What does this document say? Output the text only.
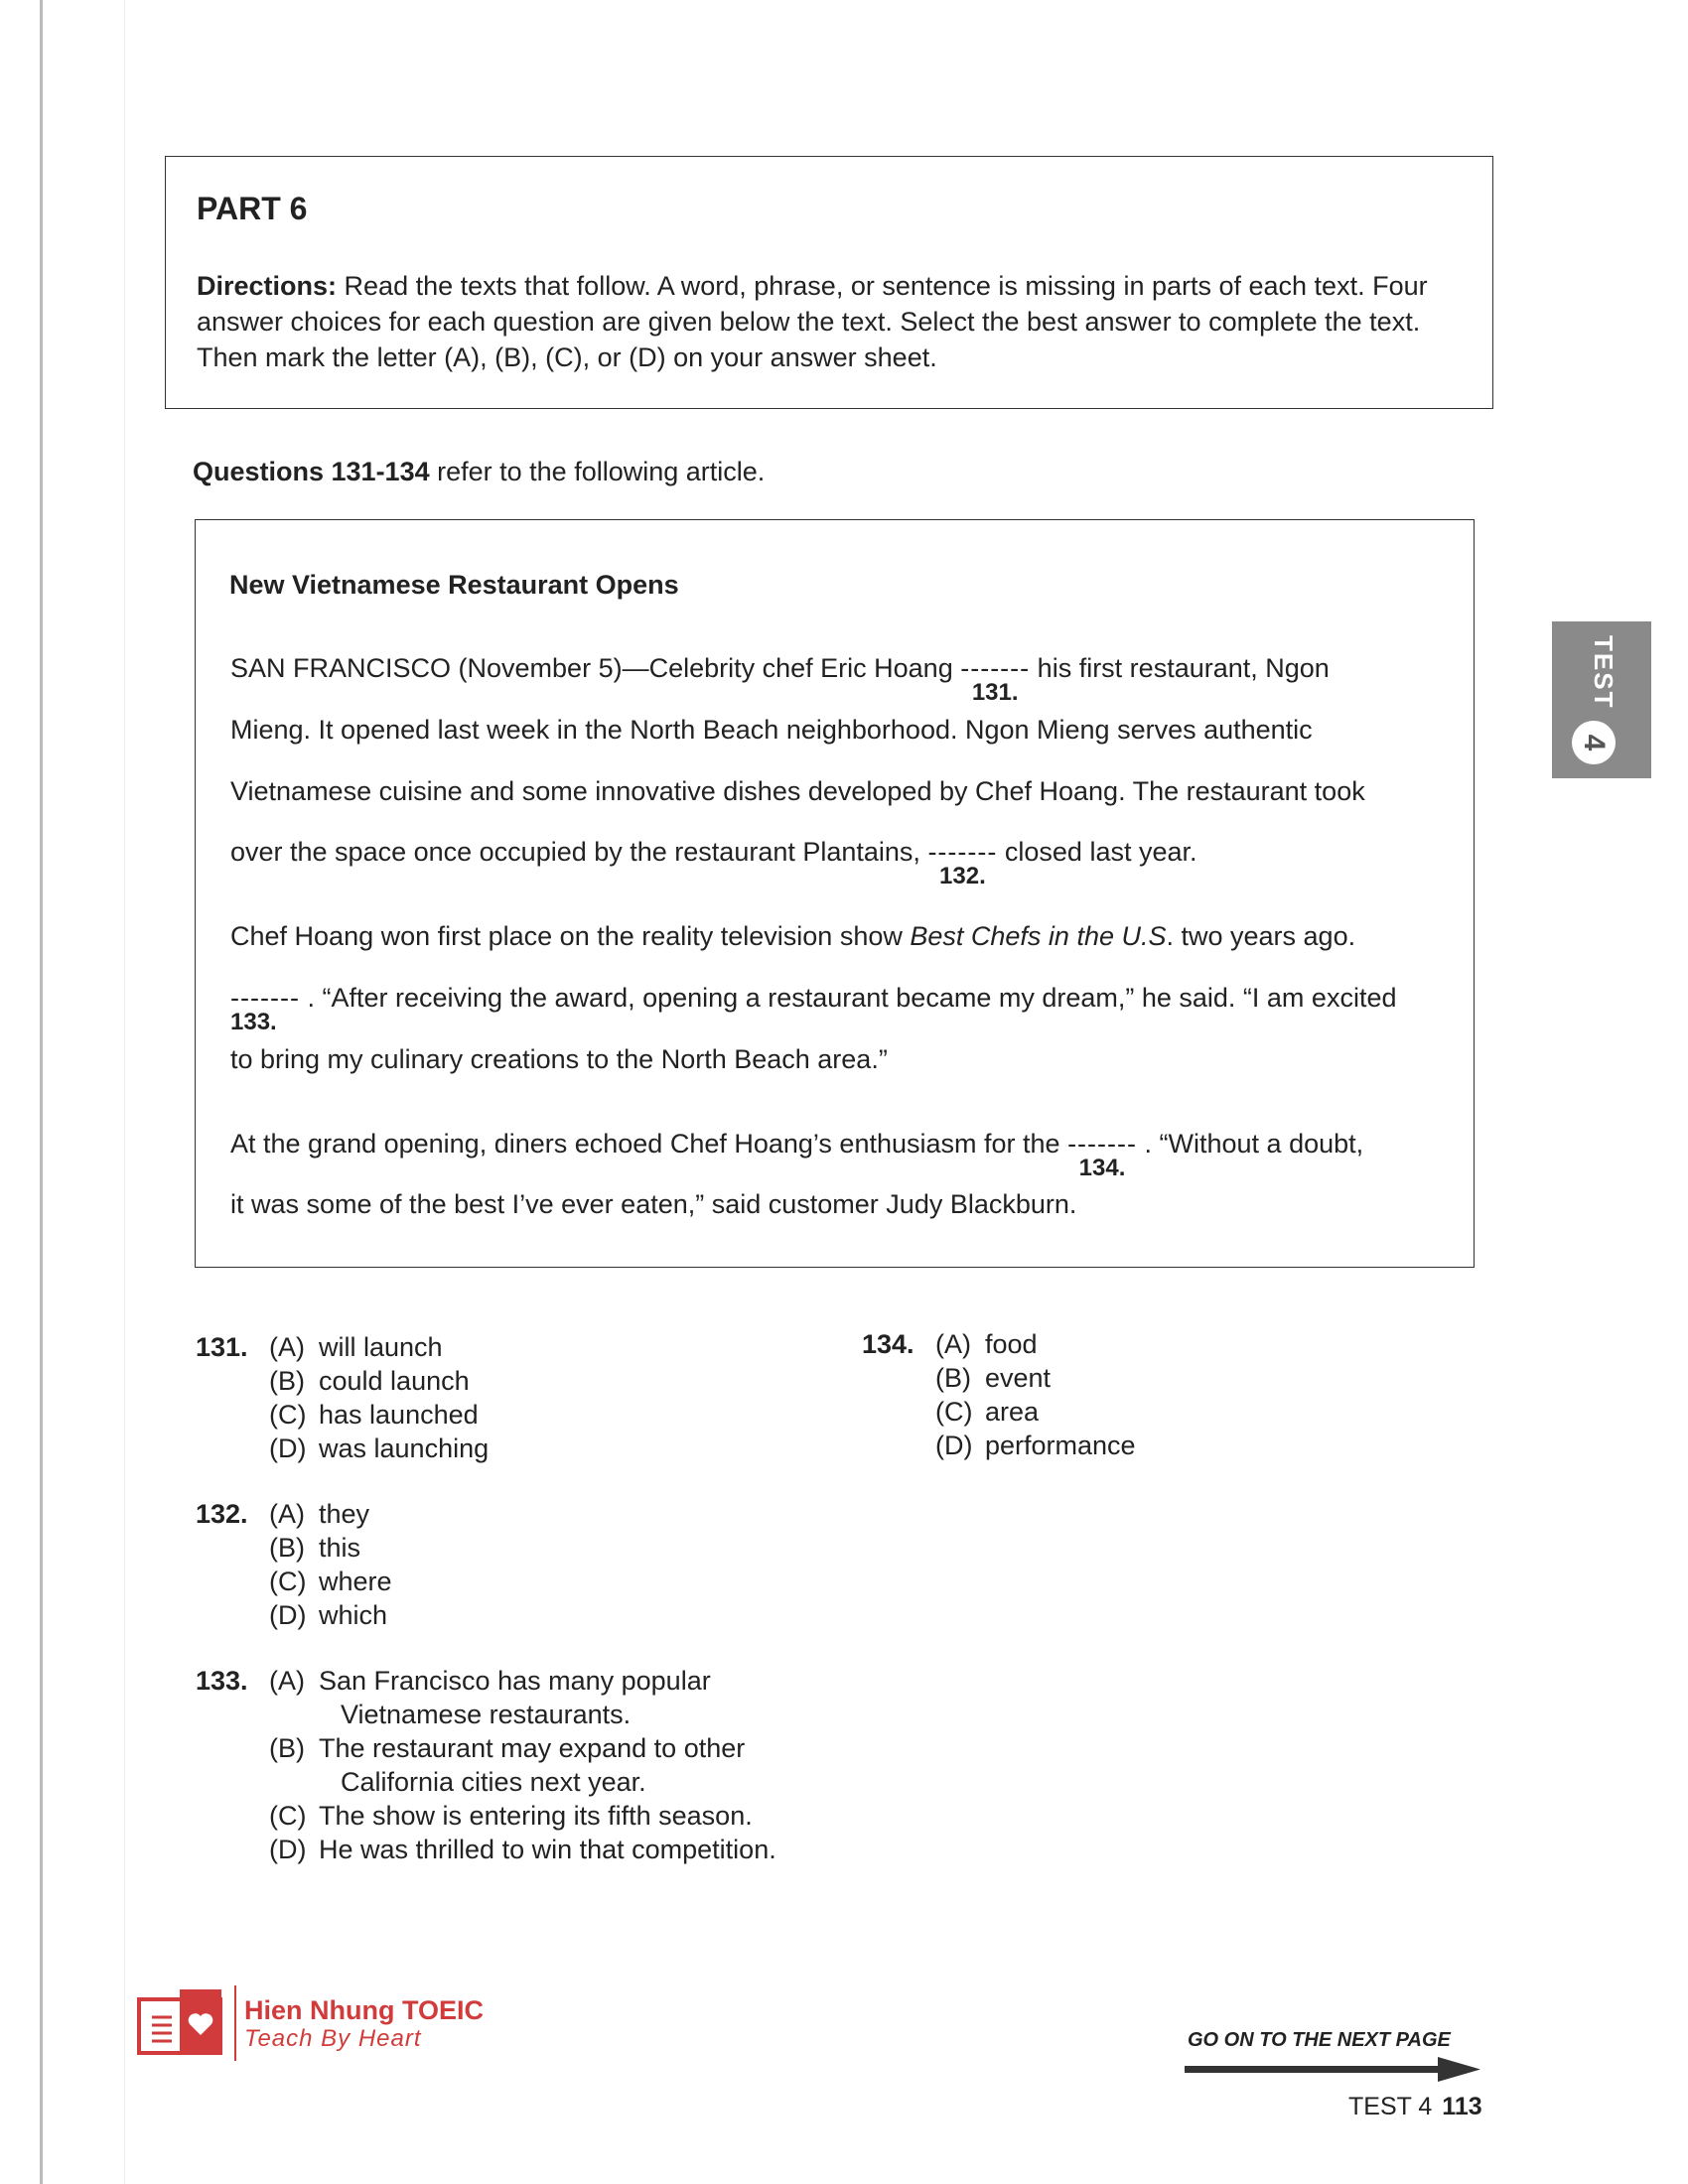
PART 6
Directions: Read the texts that follow. A word, phrase, or sentence is missing in parts of each text. Four answer choices for each question are given below the text. Select the best answer to complete the text. Then mark the letter (A), (B), (C), or (D) on your answer sheet.
Questions 131-134 refer to the following article.
New Vietnamese Restaurant Opens
SAN FRANCISCO (November 5)—Celebrity chef Eric Hoang -------
131.
his first restaurant, Ngon
Mieng. It opened last week in the North Beach neighborhood. Ngon Mieng serves authentic
Vietnamese cuisine and some innovative dishes developed by Chef Hoang. The restaurant took
over the space once occupied by the restaurant Plantains, -------
132.
closed last year.
Chef Hoang won first place on the reality television show Best Chefs in the U.S. two years ago.
-------
133.
. “After receiving the award, opening a restaurant became my dream,” he said. “I am excited
to bring my culinary creations to the North Beach area.”
At the grand opening, diners echoed Chef Hoang’s enthusiasm for the -------
134.
. “Without a doubt,
it was some of the best I’ve ever eaten,” said customer Judy Blackburn.
131. (A) will launch
(B) could launch
(C) has launched
(D) was launching
132. (A) they
(B) this
(C) where
(D) which
133. (A) San Francisco has many popular
Vietnamese restaurants.
(B) The restaurant may expand to other
California cities next year.
(C) The show is entering its fifth season.
(D) He was thrilled to win that competition.
134. (A) food
(B) event
(C) area
(D) performance
TEST
4
Hien Nhung TOEIC
Teach By Heart	GO ON TO THE NEXT PAGE
TEST 4 113
